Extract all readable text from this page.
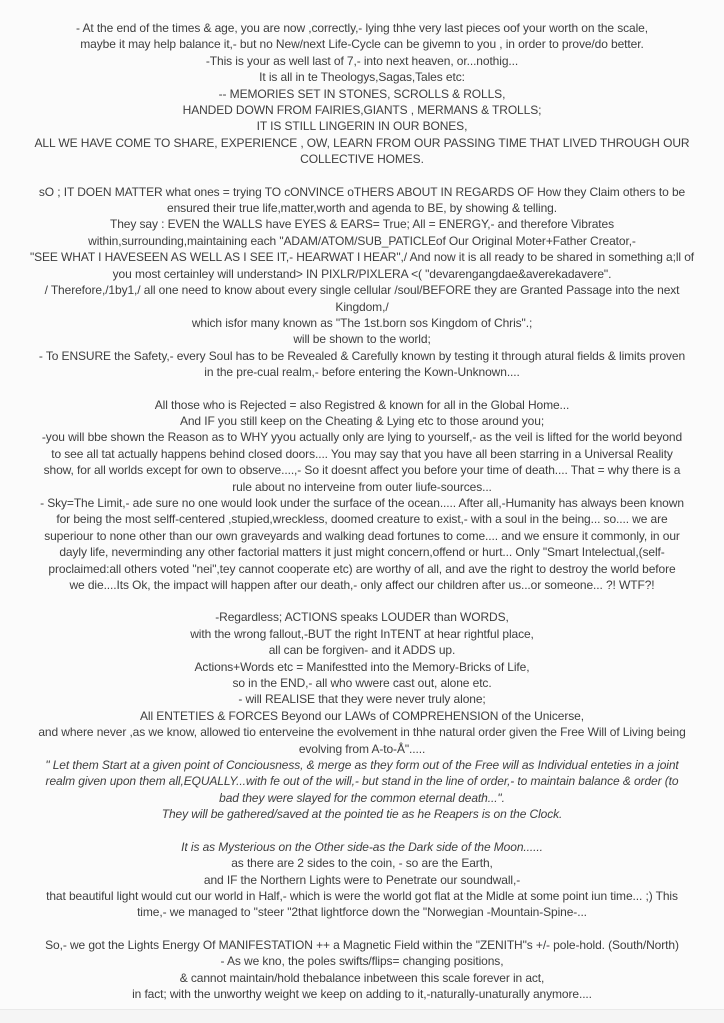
- At the end of the times & age, you are now ,correctly,- lying thhe very last pieces oof your worth on the scale,
maybe it may help balance it,- but no New/next Life-Cycle can be givemn to you , in order to prove/do better.
-This is your as well last of 7,- into next heaven, or...nothig...
It is all in te Theologys,Sagas,Tales etc:
-- MEMORIES SET IN STONES, SCROLLS & ROLLS,
HANDED DOWN FROM FAIRIES,GIANTS , MERMANS & TROLLS;
IT IS STILL LINGERIN IN OUR BONES,
ALL WE HAVE COME TO SHARE, EXPERIENCE , OW, LEARN FROM OUR PASSING TIME THAT LIVED THROUGH OUR
COLLECTIVE HOMES.
sO ; IT DOEN MATTER what ones = trying TO cONVINCE oTHERS ABOUT IN REGARDS OF How they Claim others to be
ensured their true life,matter,worth and agenda to BE, by showing & telling.
They say : EVEN the WALLS have EYES & EARS= True; All = ENERGY,- and therefore Vibrates
within,surrounding,maintaining each "ADAM/ATOM/SUB_PATICLEof Our Original Moter+Father Creator,-
"SEE WHAT I HAVESEEN AS WELL AS I SEE IT,- HEARWAT I HEAR",/ And now it is all ready to be shared in something a;ll of
you most certainley will understand> IN PIXLR/PIXLERA <( "devarengangdae&averekadavere".
/ Therefore,/1by1,/ all one need to know about every single cellular /soul/BEFORE they are Granted Passage into the next
Kingdom,/
which isfor many known as "The 1st.born sos Kingdom of Chris".;
will be shown to the world;
- To ENSURE the Safety,- every Soul has to be Revealed & Carefully known by testing it through atural fields & limits proven
in the pre-cual realm,- before entering the Kown-Unknown....
All those who is Rejected = also Registred & known for all in the Global Home...
And IF you still keep on the Cheating & Lying etc to those around you;
-you will bbe shown the Reason as to WHY yyou actually only are lying to yourself,- as the veil is lifted for the world beyond
to see all tat actually happens behind closed doors.... You may say that you have all been starring in a Universal Reality
show, for all worlds except for own to observe....,- So it doesnt affect you before your time of death.... That = why there is a
rule about no interveine from outer liufe-sources...
- Sky=The Limit,- ade sure no one would look under the surface of the ocean..... After all,-Humanity has always been known
for being the most selff-centered ,stupied,wreckless, doomed creature to exist,- with a soul in the being... so.... we are
superiour to none other than our own graveyards and walking dead fortunes to come.... and we ensure it commonly, in our
dayly life, neverminding any other factorial matters it just might concern,offend or hurt... Only "Smart Intelectual,(self-
proclaimed:all others voted "nei",tey cannot cooperate etc) are worthy of all, and ave the right to destroy the world before
we die....Its Ok, the impact will happen after our death,- only affect our children after us...or someone... ?! WTF?!
-Regardless; ACTIONS speaks LOUDER than WORDS,
with the wrong fallout,-BUT the right InTENT at hear rightful place,
all can be forgiven- and it ADDS up.
Actions+Words etc = Manifestted into the Memory-Bricks of Life,
so in the END,- all who wwere cast out, alone etc.
- will REALISE that they were never truly alone;
All ENTETIES & FORCES Beyond our LAWs of COMPREHENSION of the Unicerse,
and where never ,as we know, allowed tio enterveine the evolvement in thhe natural order given the Free Will of Living being
evolving from A-to-Å".....
" Let them Start at a given point of Conciousness, & merge as they form out of the Free will as Individual enteties in a joint
realm given upon them all,EQUALLY...with fe out of the will,- but stand in the line of order,- to maintain balance & order (to
bad they were slayed for the common eternal death...".
They will be gathered/saved at the pointed tie as he Reapers is on the Clock.
It is as Mysterious on the Other side-as the Dark side of the Moon......
as there are 2 sides to the coin, - so are the Earth,
and IF the Northern Lights were to Penetrate our soundwall,-
that beautiful light would cut our world in Half,- which is were the world got flat at the Midle at some point iun time... ;) This
time,- we managed to "steer "2that lightforce down the "Norwegian -Mountain-Spine-...
So,- we got the Lights Energy Of MANIFESTATION ++ a Magnetic Field within the "ZENITH"s +/- pole-hold. (South/North)
- As we kno, the poles swifts/flips= changing positions,
& cannot maintain/hold thebalance inbetween this scale forever in act,
in fact; with the unworthy weight we keep on adding to it,-naturally-unaturally anymore....
